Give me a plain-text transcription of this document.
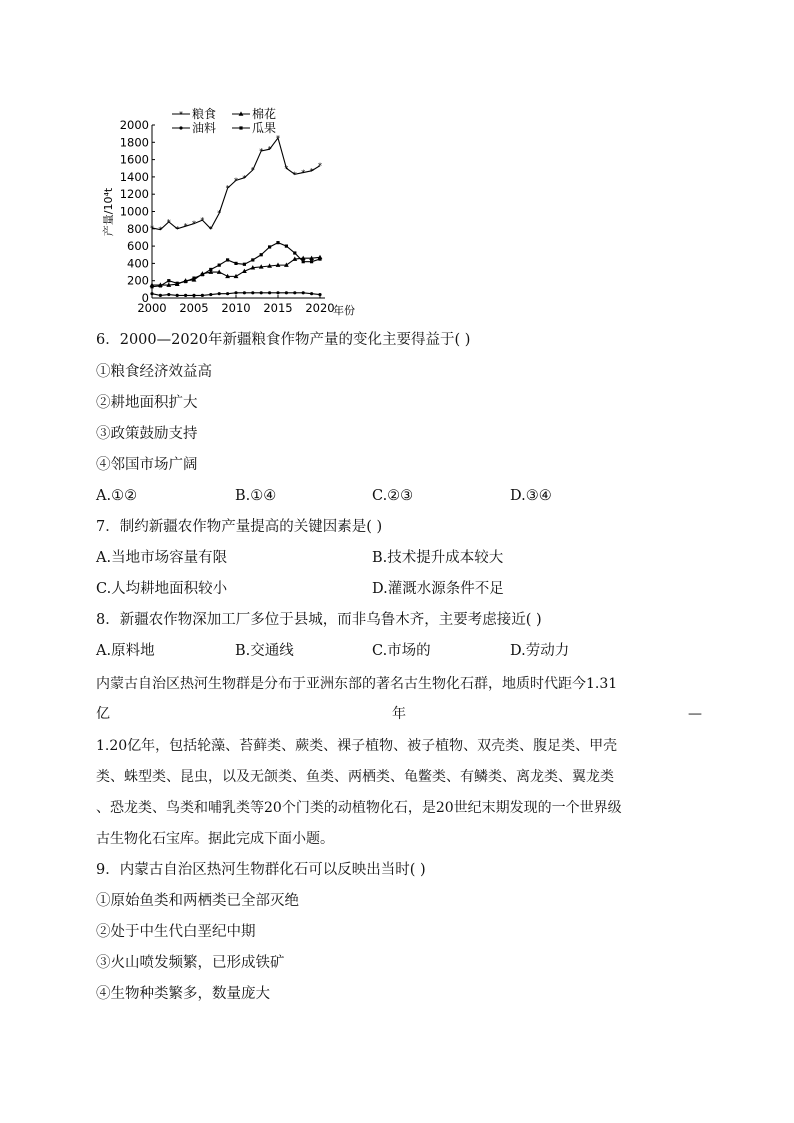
* 粮食	棉花
油料	瓜果
产量/10⁴t
年份
0
200
400
600
800
1000
1200
1400
1600
1800
2000
2000 2005 2010 2015 2020
* *
*
* * * *
*
*
*
* *
*
* *
*
*
* * *
*
6．2000—2020年新疆粮食作物产量的变化主要得益于( )
①粮食经济效益高
②耕地面积扩大
③政策鼓励支持
④邻国市场广阔
A.①②	B.①④	C.②③	D.③④
7．制约新疆农作物产量提高的关键因素是( )
A.当地市场容量有限	B.技术提升成本较大
C.人均耕地面积较小	D.灌溉水源条件不足
8．新疆农作物深加工厂多位于县城，而非乌鲁木齐，主要考虑接近( )
A.原料地	B.交通线	C.市场的	D.劳动力
内蒙古自治区热河生物群是分布于亚洲东部的著名古生物化石群，地质时代距今1.31
亿	年	—
1.20亿年，包括轮藻、苔藓类、蕨类、裸子植物、被子植物、双壳类、腹足类、甲壳
类、蛛型类、昆虫，以及无颌类、鱼类、两栖类、龟鳖类、有鳞类、离龙类、翼龙类
、恐龙类、鸟类和哺乳类等20个门类的动植物化石，是20世纪末期发现的一个世界级
古生物化石宝库。据此完成下面小题。
9．内蒙古自治区热河生物群化石可以反映出当时( )
①原始鱼类和两栖类已全部灭绝
②处于中生代白垩纪中期
③火山喷发频繁，已形成铁矿
④生物种类繁多，数量庞大
